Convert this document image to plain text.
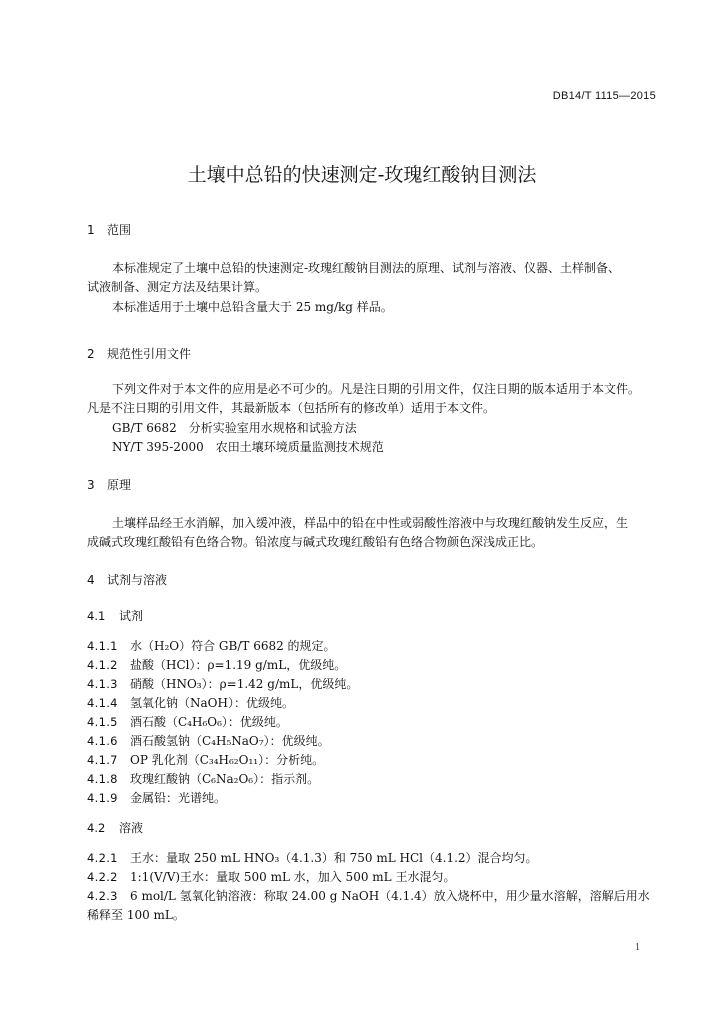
DB14/T 1115—2015
土壤中总铅的快速测定-玫瑰红酸钠目测法
1 范围
本标准规定了土壤中总铅的快速测定-玫瑰红酸钠目测法的原理、试剂与溶液、仪器、土样制备、
试液制备、测定方法及结果计算。
本标准适用于土壤中总铅含量大于 25 mg/kg 样品。
2 规范性引用文件
下列文件对于本文件的应用是必不可少的。凡是注日期的引用文件，仅注日期的版本适用于本文件。
凡是不注日期的引用文件，其最新版本（包括所有的修改单）适用于本文件。
GB/T 6682　分析实验室用水规格和试验方法
NY/T 395-2000　农田土壤环境质量监测技术规范
3 原理
土壤样品经王水消解，加入缓冲液，样品中的铅在中性或弱酸性溶液中与玫瑰红酸钠发生反应，生
成碱式玫瑰红酸铅有色络合物。铅浓度与碱式玫瑰红酸铅有色络合物颜色深浅成正比。
4 试剂与溶液
4.1 试剂
4.1.1 水（H₂O）符合 GB/T 6682 的规定。
4.1.2 盐酸（HCl）：ρ=1.19 g/mL，优级纯。
4.1.3 硝酸（HNO₃）：ρ=1.42 g/mL，优级纯。
4.1.4 氢氧化钠（NaOH）：优级纯。
4.1.5 酒石酸（C₄H₆O₆）：优级纯。
4.1.6 酒石酸氢钠（C₄H₅NaO₇）：优级纯。
4.1.7 OP 乳化剂（C₃₄H₆₂O₁₁）：分析纯。
4.1.8 玫瑰红酸钠（C₆Na₂O₆）：指示剂。
4.1.9 金属铅：光谱纯。
4.2 溶液
4.2.1 王水：量取 250 mL HNO₃（4.1.3）和 750 mL HCl（4.1.2）混合均匀。
4.2.2 1:1(V/V)王水：量取 500 mL 水，加入 500 mL 王水混匀。
4.2.3 6 mol/L 氢氧化钠溶液：称取 24.00 g NaOH（4.1.4）放入烧杯中，用少量水溶解，溶解后用水
稀释至 100 mL。
1
